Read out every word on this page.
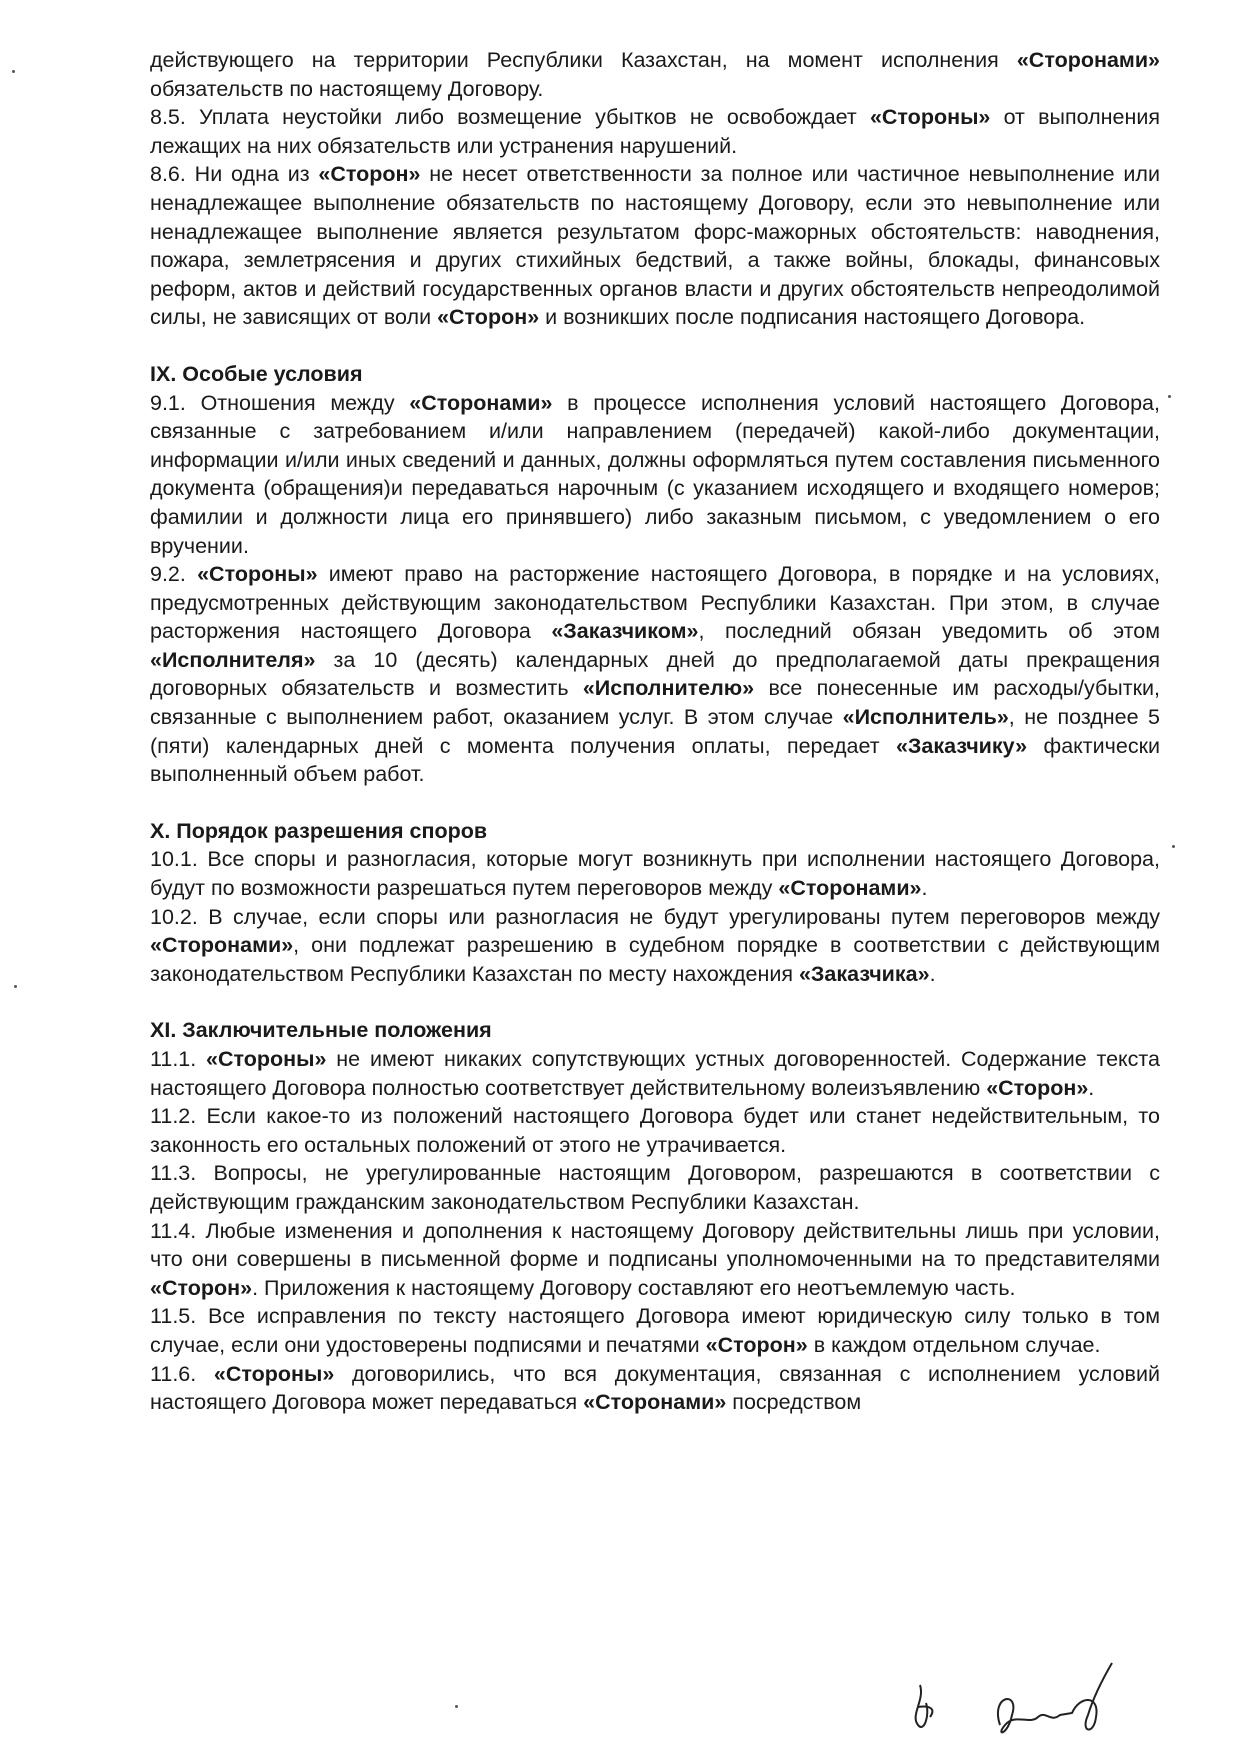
действующего на территории Республики Казахстан, на момент исполнения «Сторонами» обязательств по настоящему Договору.

8.5. Уплата неустойки либо возмещение убытков не освобождает «Стороны» от выполнения лежащих на них обязательств или устранения нарушений.

8.6. Ни одна из «Сторон» не несет ответственности за полное или частичное невыполнение или ненадлежащее выполнение обязательств по настоящему Договору, если это невыполнение или ненадлежащее выполнение является результатом форс-мажорных обстоятельств: наводнения, пожара, землетрясения и других стихийных бедствий, а также войны, блокады, финансовых реформ, актов и действий государственных органов власти и других обстоятельств непреодолимой силы, не зависящих от воли «Сторон» и возникших после подписания настоящего Договора.

IX. Особые условия

9.1. Отношения между «Сторонами» в процессе исполнения условий настоящего Договора, связанные с затребованием и/или направлением (передачей) какой-либо документации, информации и/или иных сведений и данных, должны оформляться путем составления письменного документа (обращения)и передаваться нарочным (с указанием исходящего и входящего номеров; фамилии и должности лица его принявшего) либо заказным письмом, с уведомлением о его вручении.

9.2. «Стороны» имеют право на расторжение настоящего Договора, в порядке и на условиях, предусмотренных действующим законодательством Республики Казахстан. При этом, в случае расторжения настоящего Договора «Заказчиком», последний обязан уведомить об этом «Исполнителя» за 10 (десять) календарных дней до предполагаемой даты прекращения договорных обязательств и возместить «Исполнителю» все понесенные им расходы/убытки, связанные с выполнением работ, оказанием услуг. В этом случае «Исполнитель», не позднее 5 (пяти) календарных дней с момента получения оплаты, передает «Заказчику» фактически выполненный объем работ.

X. Порядок разрешения споров

10.1. Все споры и разногласия, которые могут возникнуть при исполнении настоящего Договора, будут по возможности разрешаться путем переговоров между «Сторонами».

10.2. В случае, если споры или разногласия не будут урегулированы путем переговоров между «Сторонами», они подлежат разрешению в судебном порядке в соответствии с действующим законодательством Республики Казахстан по месту нахождения «Заказчика».

XI. Заключительные положения

11.1. «Стороны» не имеют никаких сопутствующих устных договоренностей. Содержание текста настоящего Договора полностью соответствует действительному волеизъявлению «Сторон».

11.2. Если какое-то из положений настоящего Договора будет или станет недействительным, то законность его остальных положений от этого не утрачивается.

11.3. Вопросы, не урегулированные настоящим Договором, разрешаются в соответствии с действующим гражданским законодательством Республики Казахстан.

11.4. Любые изменения и дополнения к настоящему Договору действительны лишь при условии, что они совершены в письменной форме и подписаны уполномоченными на то представителями «Сторон». Приложения к настоящему Договору составляют его неотъемлемую часть.

11.5. Все исправления по тексту настоящего Договора имеют юридическую силу только в том случае, если они удостоверены подписями и печатями «Сторон» в каждом отдельном случае.

11.6. «Стороны» договорились, что вся документация, связанная с исполнением условий настоящего Договора может передаваться «Сторонами» посредством
